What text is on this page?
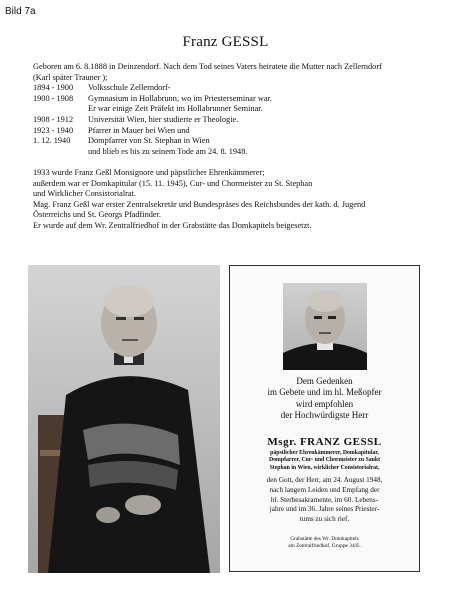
Bild 7a
Franz GESSL

Geboren am 6. 8.1888 in Deinzendorf. Nach dem Tod seines Vaters heiratete die Mutter nach Zellerndorf

(Karl später Trauner );

1894 - 1900	Volksschule Zellerndorf-
1900 - 1908	Gymnasium in Hollabrunn, wo im Priesterseminar war.
Er war einige Zeit Präfekt im Hollabrunner Seminar.
1908 - 1912	Universität Wien, hier studierte er Theologie.
1923 - 1940	Pfarrer in Mauer bei Wien und
1. 12. 1940	Dompfarrer von St. Stephan in Wien
und blieb es bis zu seinem Tode am 24. 8. 1948.

1933 wurde Franz Geßl Monsignore und päpstlicher Ehrenkämmerer;

außerdem war er Domkapitular (15. 11. 1945), Cur- und Chormeister zu St. Stephan

und Wirklicher Consistorialrat.

Mag. Franz Geßl war erster Zentralsekretär und Bundespräses des Reichsbundes der kath. d. Jugend

Österreichs und St. Georgs Pfadfinder.

Er wurde auf dem Wr. Zentralfriedhof in der Grabstätte das Domkapitels beigesetzt.

Dem Gedenken
im Gebete und im hl. Meßopfer
wird empfohlen
der Hochwürdigste Herr
Msgr. FRANZ GESSL
päpstlicher Ehrenkämmerer, Domkapitular,
Dompfarrer, Cur- und Chormeister zu Sankt
Stephan in Wien, wirklicher Consistorialrat,
den Gott, der Herr, am 24. August 1948,
nach langem Leiden und Empfang der
hl. Sterbesakramente, im 60. Lebens-
jahre und im 36. Jahre seines Priester-
tums zu sich rief.
Grabstätte des Wr. Domkapitels
am Zentralfriedhof, Gruppe 34/E.
